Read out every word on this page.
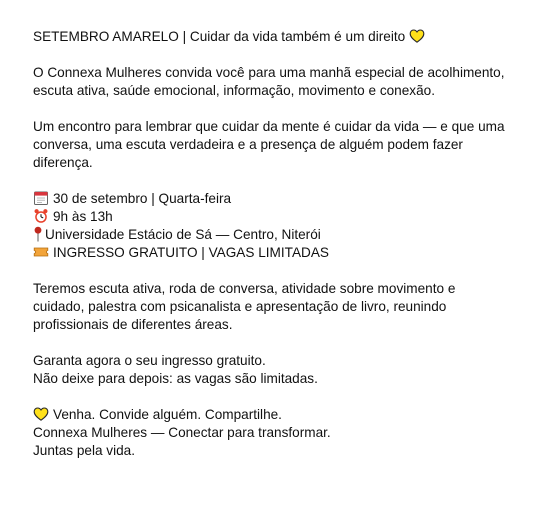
SETEMBRO AMARELO | Cuidar da vida também é um direito
O Connexa Mulheres convida você para uma manhã especial de acolhimento,
escuta ativa, saúde emocional, informação, movimento e conexão.
Um encontro para lembrar que cuidar da mente é cuidar da vida — e que uma
conversa, uma escuta verdadeira e a presença de alguém podem fazer
diferença.
30 de setembro | Quarta-feira
9h às 13h
Universidade Estácio de Sá — Centro, Niterói
INGRESSO GRATUITO | VAGAS LIMITADAS
Teremos escuta ativa, roda de conversa, atividade sobre movimento e
cuidado, palestra com psicanalista e apresentação de livro, reunindo
profissionais de diferentes áreas.
Garanta agora o seu ingresso gratuito.
Não deixe para depois: as vagas são limitadas.
Venha. Convide alguém. Compartilhe.
Connexa Mulheres — Conectar para transformar.
Juntas pela vida.
